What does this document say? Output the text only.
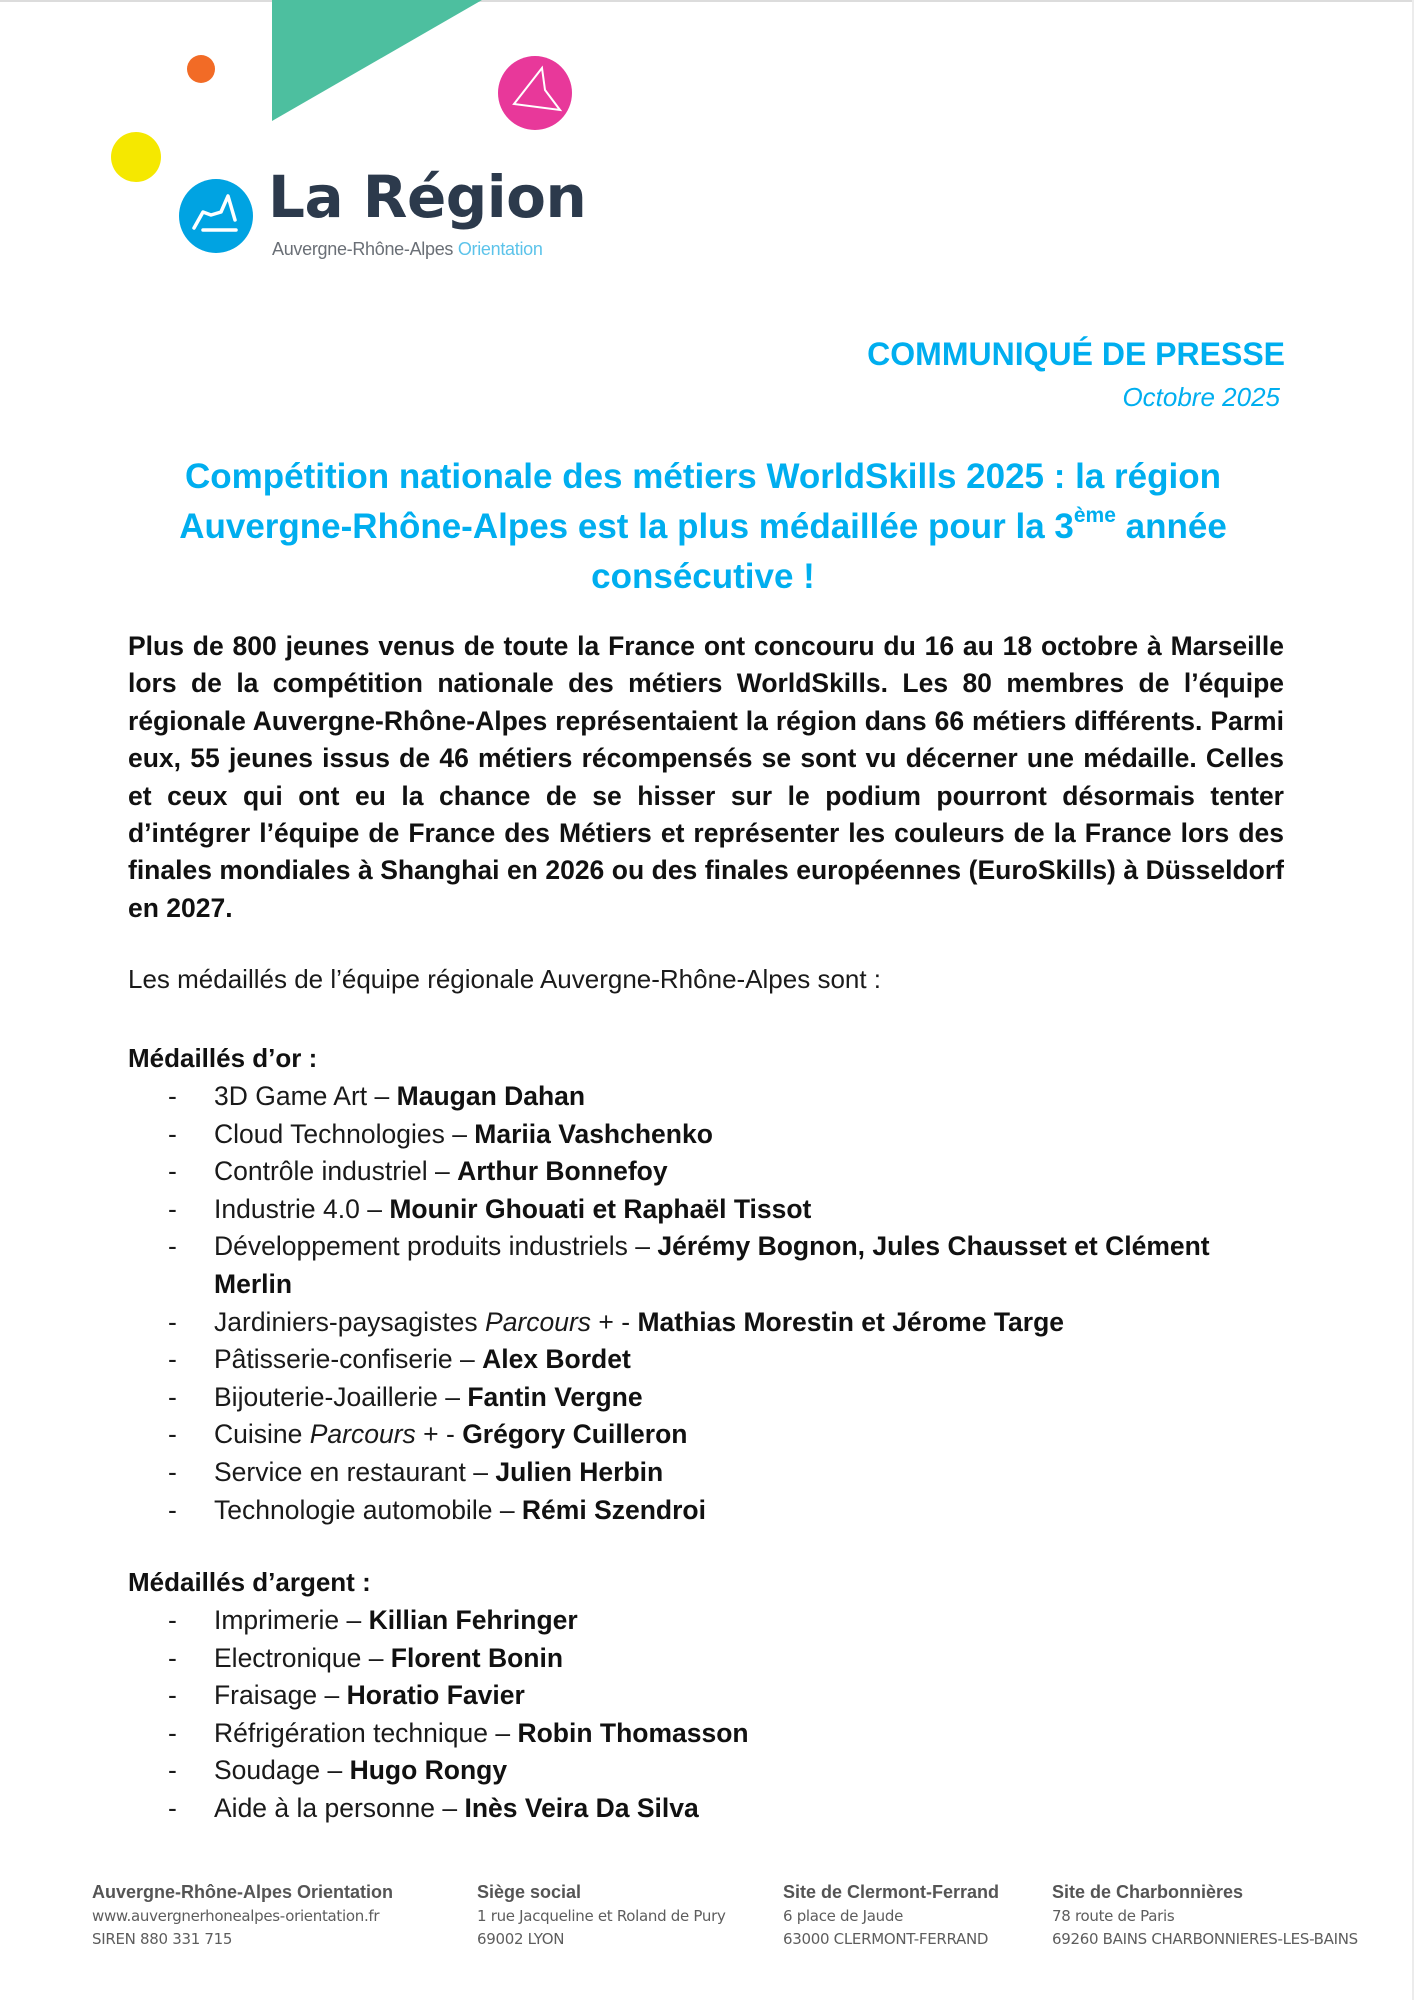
La Région
Auvergne-Rhône-Alpes Orientation
COMMUNIQUÉ DE PRESSE
Octobre 2025
Compétition nationale des métiers WorldSkills 2025 : la région
Auvergne-Rhône-Alpes est la plus médaillée pour la 3ème année
consécutive !

Plus de 800 jeunes venus de toute la France ont concouru du 16 au 18 octobre à Marseille lors de la compétition nationale des métiers WorldSkills. Les 80 membres de l’équipe régionale Auvergne-Rhône-Alpes représentaient la région dans 66 métiers différents. Parmi eux, 55 jeunes issus de 46 métiers récompensés se sont vu décerner une médaille. Celles et ceux qui ont eu la chance de se hisser sur le podium pourront désormais tenter d’intégrer l’équipe de France des Métiers et représenter les couleurs de la France lors des finales mondiales à Shanghai en 2026 ou des finales européennes (EuroSkills) à Düsseldorf en 2027.

Les médaillés de l’équipe régionale Auvergne-Rhône-Alpes sont :

Médaillés d’or :
- 3D Game Art – Maugan Dahan
- Cloud Technologies – Mariia Vashchenko
- Contrôle industriel – Arthur Bonnefoy
- Industrie 4.0 – Mounir Ghouati et Raphaël Tissot
- Développement produits industriels – Jérémy Bognon, Jules Chausset et Clément Merlin
- Jardiniers-paysagistes Parcours + - Mathias Morestin et Jérome Targe
- Pâtisserie-confiserie – Alex Bordet
- Bijouterie-Joaillerie – Fantin Vergne
- Cuisine Parcours + - Grégory Cuilleron
- Service en restaurant – Julien Herbin
- Technologie automobile – Rémi Szendroi
Médaillés d’argent :
- Imprimerie – Killian Fehringer
- Electronique – Florent Bonin
- Fraisage – Horatio Favier
- Réfrigération technique – Robin Thomasson
- Soudage – Hugo Rongy
- Aide à la personne – Inès Veira Da Silva
Auvergne-Rhône-Alpes Orientation
www.auvergnerhonealpes-orientation.fr
SIREN 880 331 715
Siège social
1 rue Jacqueline et Roland de Pury
69002 LYON
Site de Clermont-Ferrand
6 place de Jaude
63000 CLERMONT-FERRAND
Site de Charbonnières
78 route de Paris
69260 BAINS CHARBONNIERES-LES-BAINS
